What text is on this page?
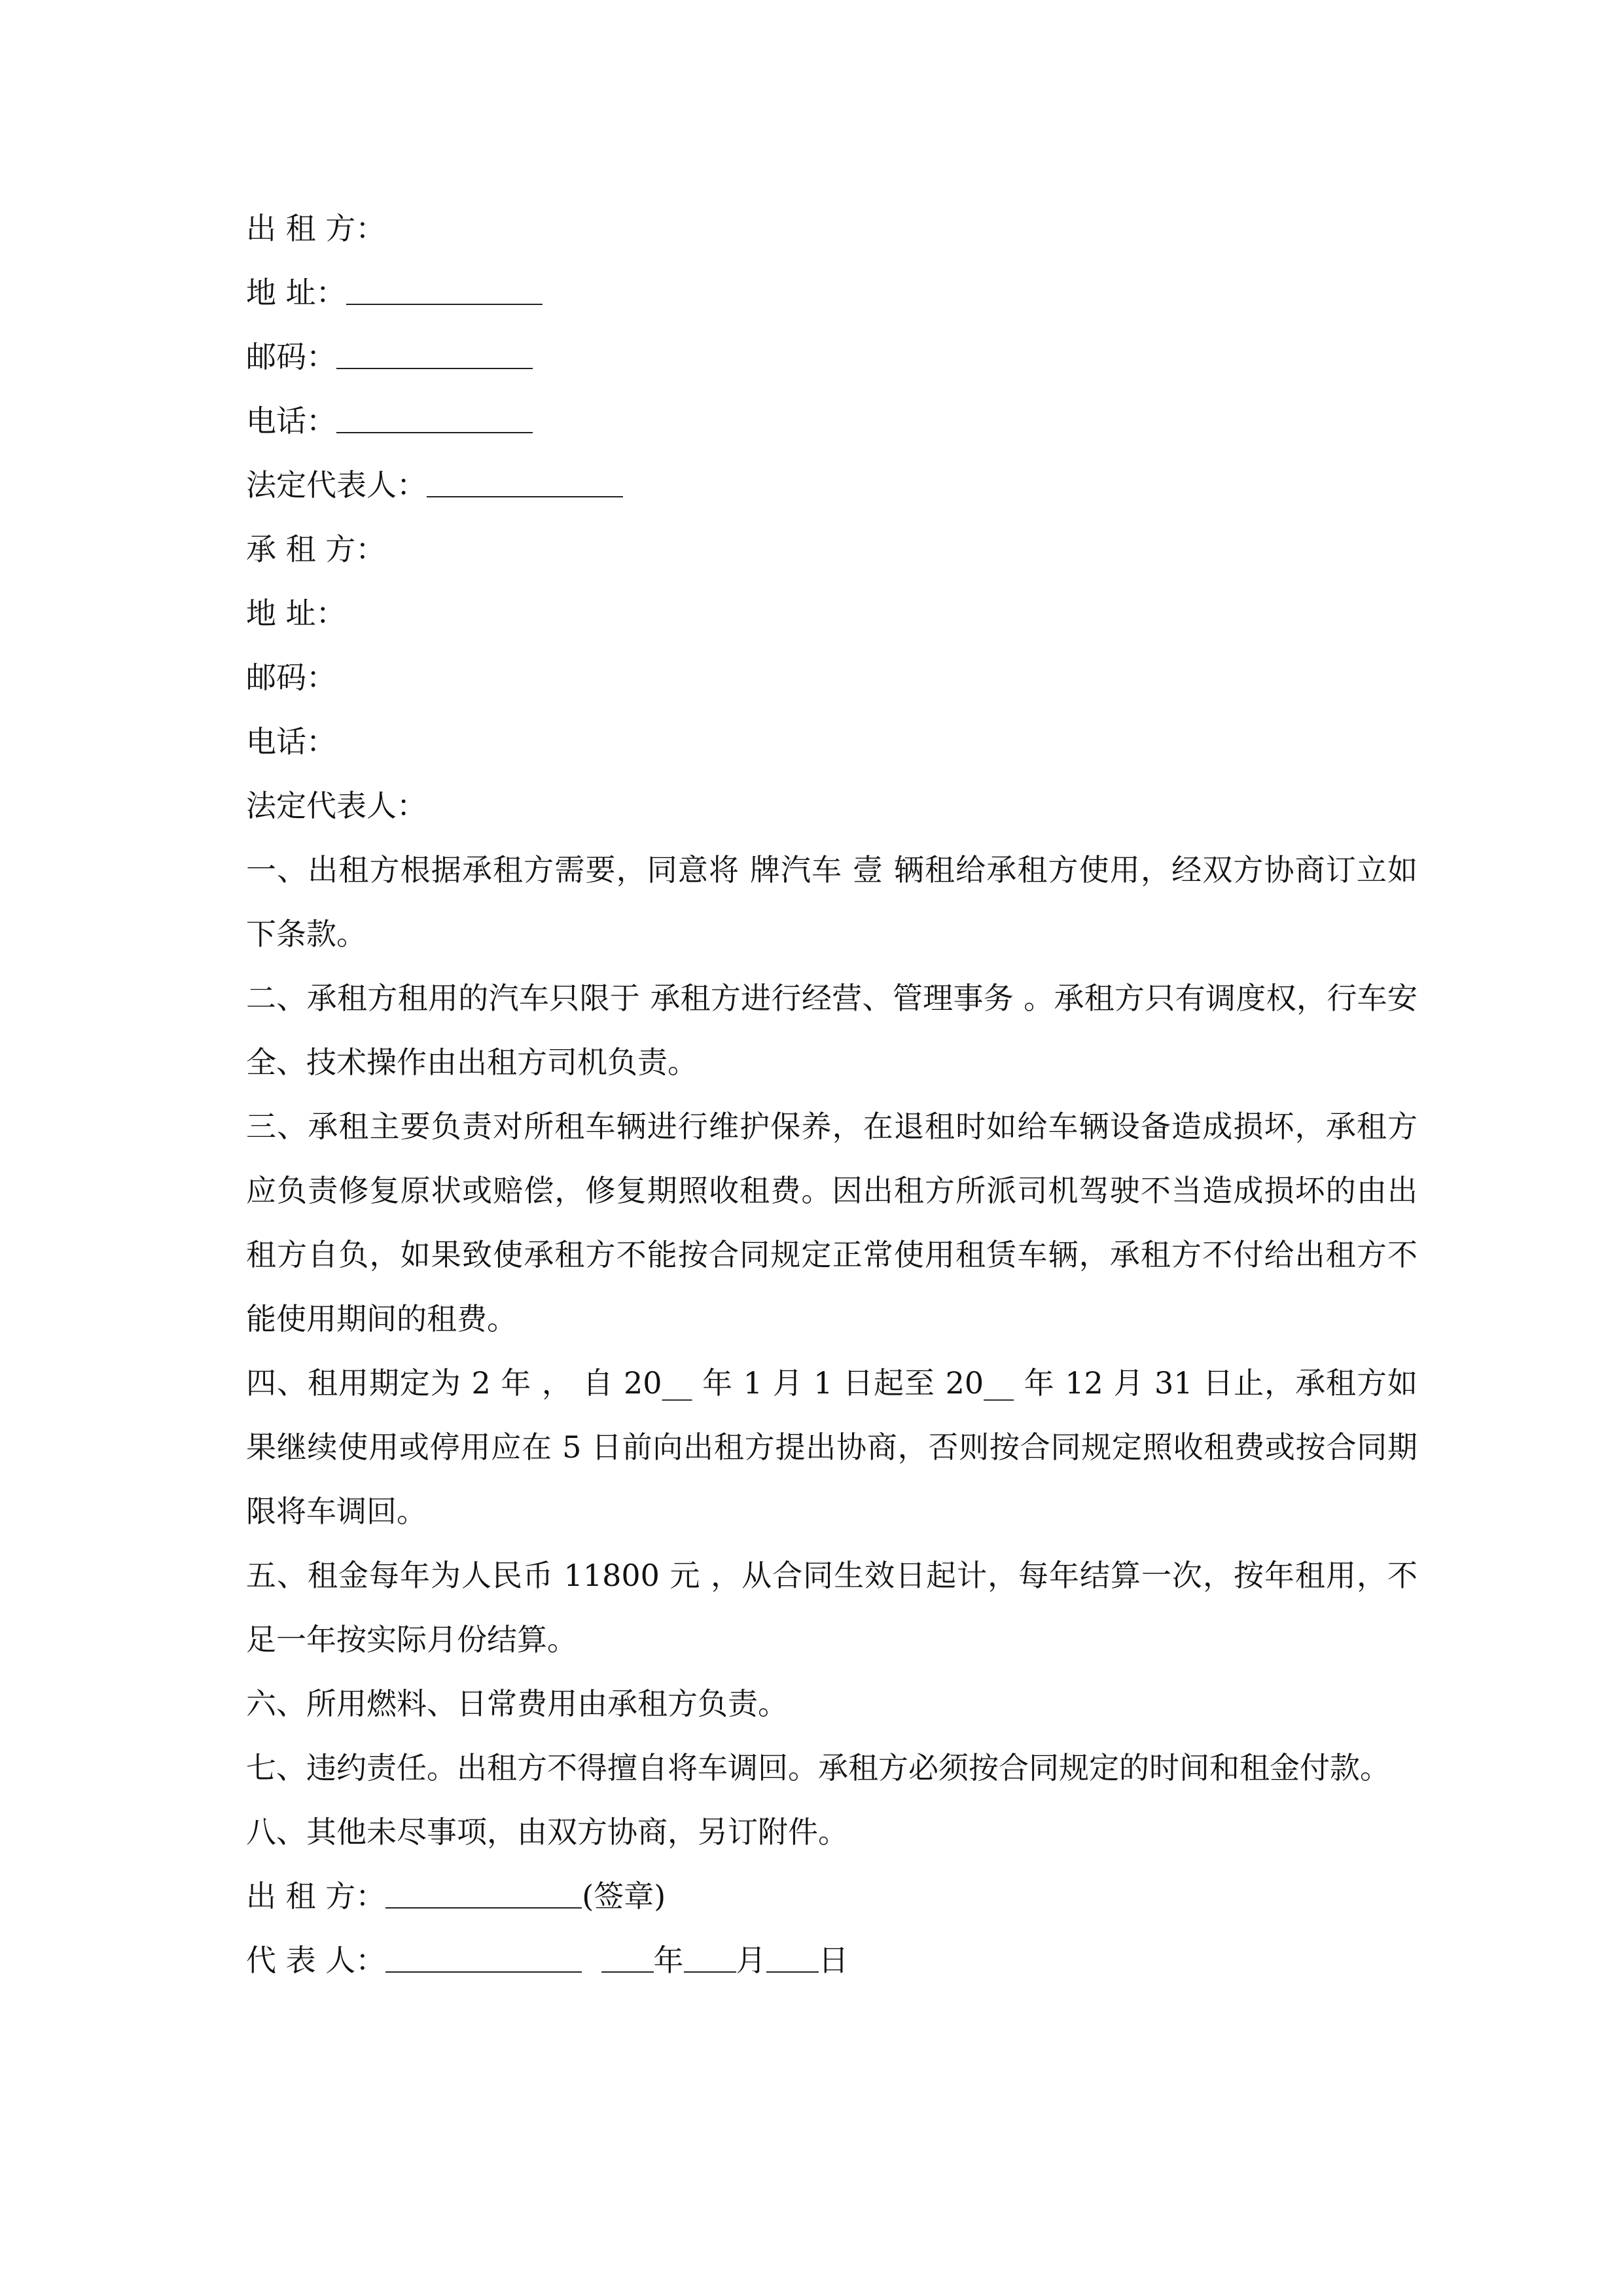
出 租 方：
地 址：
邮码：
电话：
法定代表人：
承 租 方：
地 址：
邮码：
电话：
法定代表人：

一、出租方根据承租方需要，同意将 牌汽车 壹 辆租给承租方使用，经双方协商订立如下条款。

二、承租方租用的汽车只限于 承租方进行经营、管理事务 。承租方只有调度权，行车安全、技术操作由出租方司机负责。

三、承租主要负责对所租车辆进行维护保养，在退租时如给车辆设备造成损坏，承租方应负责修复原状或赔偿，修复期照收租费。因出租方所派司机驾驶不当造成损坏的由出租方自负，如果致使承租方不能按合同规定正常使用租赁车辆，承租方不付给出租方不能使用期间的租费。

四、租用期定为 2 年 ， 自 20__ 年 1 月 1 日起至 20__ 年 12 月 31 日止，承租方如果继续使用或停用应在 5 日前向出租方提出协商，否则按合同规定照收租费或按合同期限将车调回。

五、租金每年为人民币 11800 元 ，从合同生效日起计，每年结算一次，按年租用，不足一年按实际月份结算。

六、所用燃料、日常费用由承租方负责。

七、违约责任。出租方不得擅自将车调回。承租方必须按合同规定的时间和租金付款。

八、其他未尽事项，由双方协商，另订附件。

出 租 方：	(签章)
代 表 人：	年 月 日
